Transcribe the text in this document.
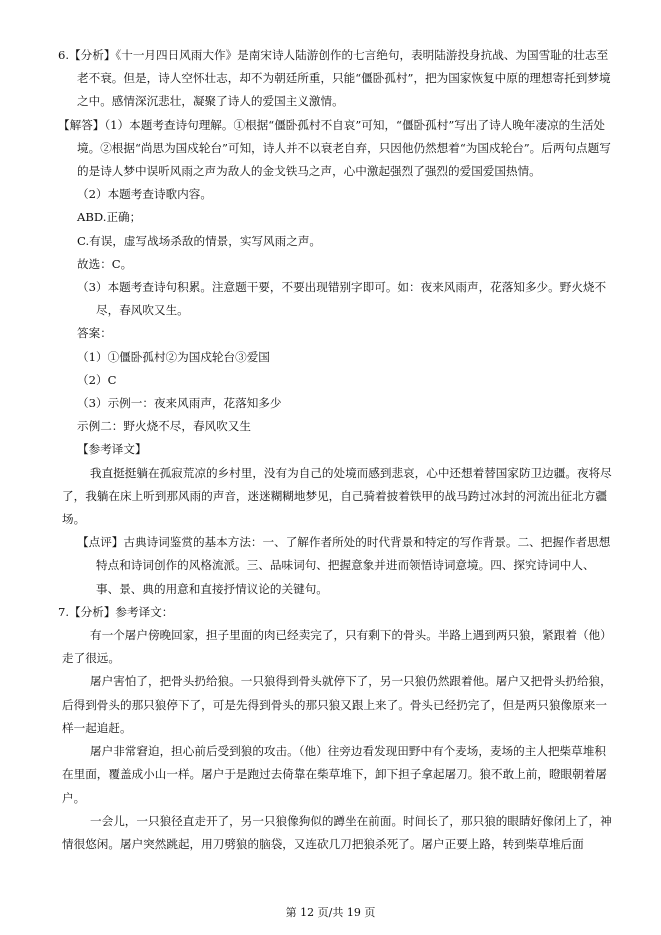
6.【分析】《十一月四日风雨大作》是南宋诗人陆游创作的七言绝句，表明陆游投身抗战、为国雪耻的壮志至老不衰。但是，诗人空怀壮志，却不为朝廷所重，只能“僵卧孤村”，把为国家恢复中原的理想寄托到梦境之中。感情深沉悲壮，凝聚了诗人的爱国主义激情。

【解答】（1）本题考查诗句理解。①根据“僵卧孤村不自哀”可知，“僵卧孤村”写出了诗人晚年凄凉的生活处境。②根据“尚思为国戍轮台”可知，诗人并不以衰老自弃，只因他仍然想着“为国戍轮台”。后两句点题写的是诗人梦中误听风雨之声为敌人的金戈铁马之声，心中激起强烈了强烈的爱国爱国热情。

（2）本题考查诗歌内容。

ABD.正确；

C.有误，虚写战场杀敌的情景，实写风雨之声。

故选：C。

（3）本题考查诗句积累。注意题干要，不要出现错别字即可。如：夜来风雨声，花落知多少。野火烧不尽，春风吹又生。

答案：

（1）①僵卧孤村②为国戍轮台③爱国

（2）C

（3）示例一：夜来风雨声，花落知多少

示例二：野火烧不尽，春风吹又生

【参考译文】

我直挺挺躺在孤寂荒凉的乡村里，没有为自己的处境而感到悲哀，心中还想着替国家防卫边疆。夜将尽了，我躺在床上听到那风雨的声音，迷迷糊糊地梦见，自己骑着披着铁甲的战马跨过冰封的河流出征北方疆场。

【点评】古典诗词鉴赏的基本方法：一、了解作者所处的时代背景和特定的写作背景。二、把握作者思想特点和诗词创作的风格流派。三、品味词句、把握意象并进而领悟诗词意境。四、探究诗词中人、事、景、典的用意和直接抒情议论的关键句。

7.【分析】参考译文：

有一个屠户傍晚回家，担子里面的肉已经卖完了，只有剩下的骨头。半路上遇到两只狼，紧跟着（他）走了很远。

屠户害怕了，把骨头扔给狼。一只狼得到骨头就停下了，另一只狼仍然跟着他。屠户又把骨头扔给狼，后得到骨头的那只狼停下了，可是先得到骨头的那只狼又跟上来了。骨头已经扔完了，但是两只狼像原来一样一起追赶。

屠户非常窘迫，担心前后受到狼的攻击。（他）往旁边看发现田野中有个麦场，麦场的主人把柴草堆积在里面，覆盖成小山一样。屠户于是跑过去倚靠在柴草堆下，卸下担子拿起屠刀。狼不敢上前，瞪眼朝着屠户。

一会儿，一只狼径直走开了，另一只狼像狗似的蹲坐在前面。时间长了，那只狼的眼睛好像闭上了，神情很悠闲。屠户突然跳起，用刀劈狼的脑袋，又连砍几刀把狼杀死了。屠户正要上路，转到柴草堆后面

第 12 页/共 19 页
